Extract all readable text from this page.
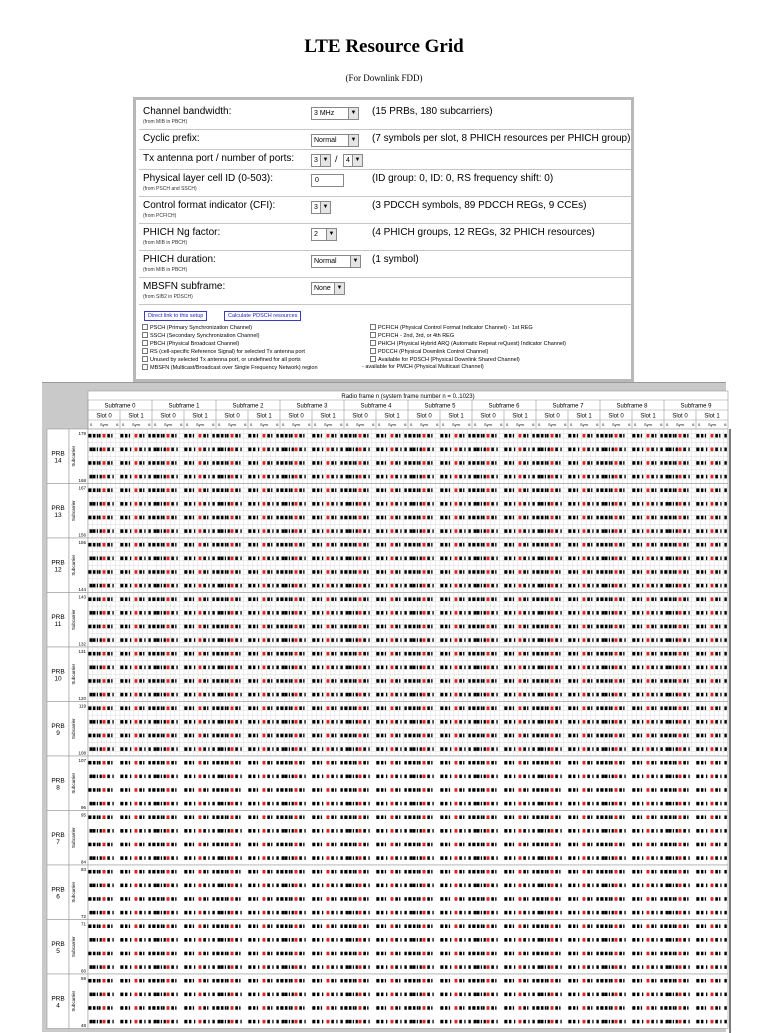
LTE Resource Grid
(For Downlink FDD)
Channel bandwidth:
(from MIB in PBCH)
3 MHz	▼ (15 PRBs, 180 subcarriers)
Cyclic prefix:	Normal	▼ (7 symbols per slot, 8 PHICH resources per PHICH group)
Tx antenna port / number of ports:	3 ▼ /	4 ▼
Physical layer cell ID (0-503):
(from PSCH and SSCH)
0	(ID group: 0, ID: 0, RS frequency shift: 0)
Control format indicator (CFI):
(from PCFICH)
3 ▼	(3 PDCCH symbols, 89 PDCCH REGs, 9 CCEs)
PHICH Ng factor:
(from MIB in PBCH)
2	▼	(4 PHICH groups, 12 REGs, 32 PHICH resources)
PHICH duration:
(from MIB in PBCH)
Normal	▼ (1 symbol)
MBSFN subframe:
(from SIB2 in PDSCH)
None ▼
Direct link to this setup	Calculate PDSCH resources
PSCH (Primary Synchronization Channel)
SSCH (Secondary Synchronization Channel)
PBCH (Physical Broadcast Channel)
RS (cell-specific Reference Signal) for selected Tx antenna port
Unused by selected Tx antenna port, or undefined for all ports
MBSFN (Multicast/Broadcast over Single Frequency Network) region
PCFICH (Physical Control Format Indicator Channel) - 1st REG
PCFICH - 2nd, 3rd, or 4th REG
PHICH (Physical Hybrid ARQ (Automatic Repeat reQuest) Indicator Channel)
PDCCH (Physical Downlink Control Channel)
Available for PDSCH (Physical Downlink Shared Channel)
- available for PMCH (Physical Multicast Channel)
Radio frame n (system frame number n = 0..1023)
Subframe 0
Slot 0
0 Sym 6
Slot 1
0 Sym 6
Subframe 1
Slot 0
0 Sym 6
Slot 1
0 Sym 6
Subframe 2
Slot 0
0 Sym 6
Slot 1
0 Sym 6
Subframe 3
Slot 0
0 Sym 6
Slot 1
0 Sym 6
Subframe 4
Slot 0
0 Sym 6
Slot 1
0 Sym 6
Subframe 5
Slot 0
0 Sym 6
Slot 1
0 Sym 6
Subframe 6
Slot 0
0 Sym 6
Slot 1
0 Sym 6
Subframe 7
Slot 0
0 Sym 6
Slot 1
0 Sym 6
Subframe 8
Slot 0
0 Sym 6
Slot 1
0 Sym 6
Subframe 9
Slot 0
0 Sym 6
Slot 1
0 Sym 6
PRB
14 Subcarrier
179
168
PRB
13 Subcarrier
167
156
PRB
12 Subcarrier
155
144
PRB
11 Subcarrier
143
132
PRB
10 Subcarrier
131
120
PRB
9 Subcarrier
119
108
PRB
8 Subcarrier
107
96
PRB
7 Subcarrier
95
84
PRB
6 Subcarrier
83
72
PRB
5 Subcarrier
71
60
PRB
4 Subcarrier
59
48
